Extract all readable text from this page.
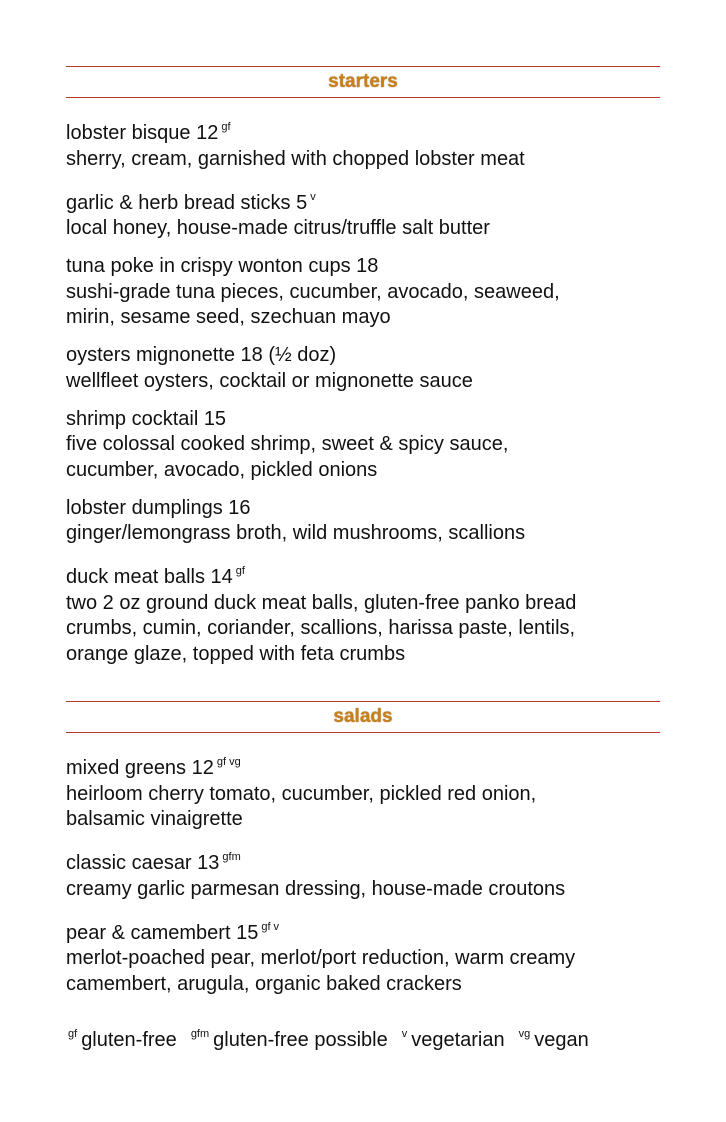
starters
lobster bisque 12 $^{gf}$
sherry, cream, garnished with chopped lobster meat
garlic & herb bread sticks 5 $^v$
local honey, house-made citrus/truffle salt butter
tuna poke in crispy wonton cups 18
sushi-grade tuna pieces, cucumber, avocado, seaweed,
mirin, sesame seed, szechuan mayo
oysters mignonette 18 (½ doz)
wellfleet oysters, cocktail or mignonette sauce
shrimp cocktail 15
five colossal cooked shrimp, sweet & spicy sauce,
cucumber, avocado, pickled onions
lobster dumplings 16
ginger/lemongrass broth, wild mushrooms, scallions
duck meat balls 14 $^{gf}$
two 2 oz ground duck meat balls, gluten-free panko bread
crumbs, cumin, coriander, scallions, harissa paste, lentils,
orange glaze, topped with feta crumbs
salads
mixed greens 12 $^{gf vg}$
heirloom cherry tomato, cucumber, pickled red onion,
balsamic vinaigrette
classic caesar 13 $^{gfm}$
creamy garlic parmesan dressing, house-made croutons
pear & camembert 15 $^{gf v}$
merlot-poached pear, merlot/port reduction, warm creamy
camembert, arugula, organic baked crackers
$^{gf}$ gluten-free $^{gfm}$ gluten-free possible $^v$ vegetarian $^{vg}$ vegan
